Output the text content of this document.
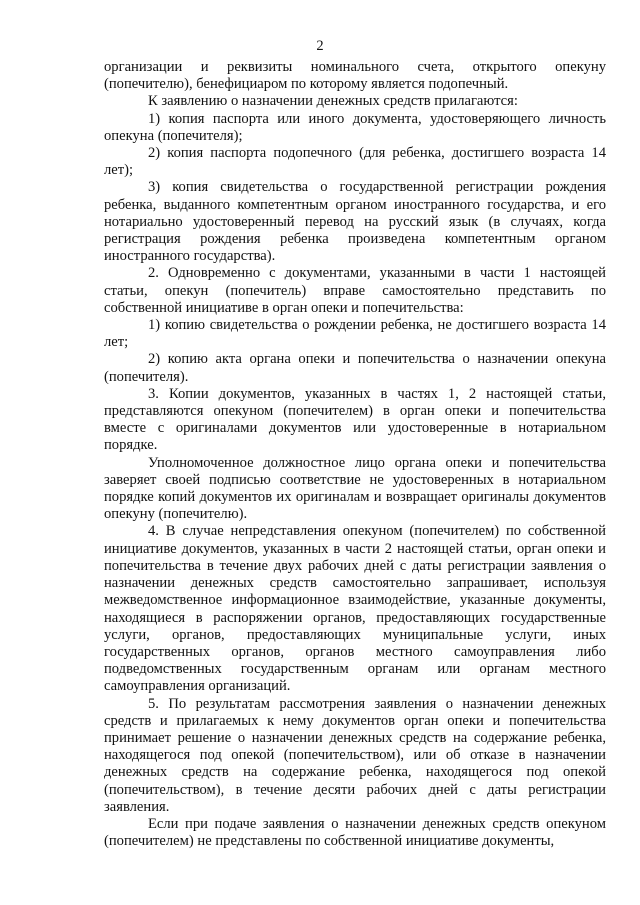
2

организации и реквизиты номинального счета, открытого опекуну (попечителю), бенефициаром по которому является подопечный.

К заявлению о назначении денежных средств прилагаются:

1) копия паспорта или иного документа, удостоверяющего личность опекуна (попечителя);

2) копия паспорта подопечного (для ребенка, достигшего возраста 14 лет);

3) копия свидетельства о государственной регистрации рождения ребенка, выданного компетентным органом иностранного государства, и его нотариально удостоверенный перевод на русский язык (в случаях, когда регистрация рождения ребенка произведена компетентным органом иностранного государства).

2. Одновременно с документами, указанными в части 1 настоящей статьи, опекун (попечитель) вправе самостоятельно представить по собственной инициативе в орган опеки и попечительства:

1) копию свидетельства о рождении ребенка, не достигшего возраста 14 лет;

2) копию акта органа опеки и попечительства о назначении опекуна (попечителя).

3. Копии документов, указанных в частях 1, 2 настоящей статьи, представляются опекуном (попечителем) в орган опеки и попечительства вместе с оригиналами документов или удостоверенные в нотариальном порядке.

Уполномоченное должностное лицо органа опеки и попечительства заверяет своей подписью соответствие не удостоверенных в нотариальном порядке копий документов их оригиналам и возвращает оригиналы документов опекуну (попечителю).

4. В случае непредставления опекуном (попечителем) по собственной инициативе документов, указанных в части 2 настоящей статьи, орган опеки и попечительства в течение двух рабочих дней с даты регистрации заявления о назначении денежных средств самостоятельно запрашивает, используя межведомственное информационное взаимодействие, указанные документы, находящиеся в распоряжении органов, предоставляющих государственные услуги, органов, предоставляющих муниципальные услуги, иных государственных органов, органов местного самоуправления либо подведомственных государственным органам или органам местного самоуправления организаций.

5. По результатам рассмотрения заявления о назначении денежных средств и прилагаемых к нему документов орган опеки и попечительства принимает решение о назначении денежных средств на содержание ребенка, находящегося под опекой (попечительством), или об отказе в назначении денежных средств на содержание ребенка, находящегося под опекой (попечительством), в течение десяти рабочих дней с даты регистрации заявления.

Если при подаче заявления о назначении денежных средств опекуном (попечителем) не представлены по собственной инициативе документы,
